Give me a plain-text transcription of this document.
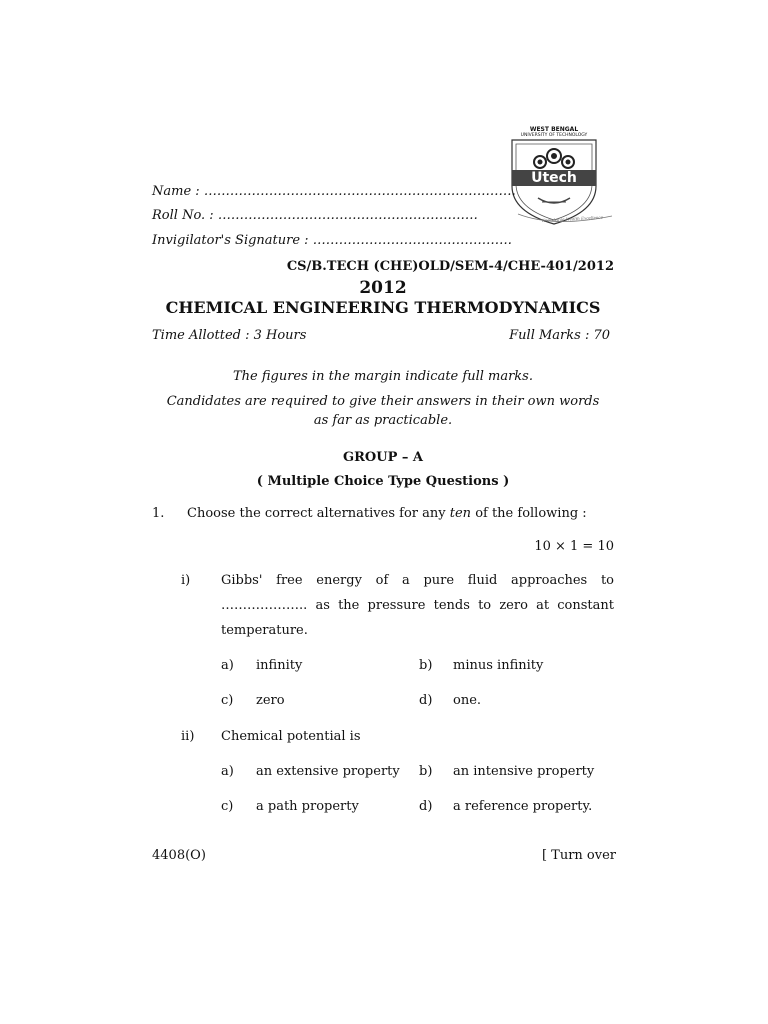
WEST BENGAL
UNIVERSITY OF TECHNOLOGY
Utech
Knowledge Wealth Excellence
Name : ………………………………………………………………
Roll No. : ……………………………………………………
Invigilator's Signature : ……………………………………….
CS/B.TECH (CHE)OLD/SEM-4/CHE-401/2012
2012
CHEMICAL ENGINEERING THERMODYNAMICS
Time Allotted : 3 Hours	Full Marks : 70
The figures in the margin indicate full marks.
Candidates are required to give their answers in their own words
as far as practicable.
GROUP – A
( Multiple Choice Type Questions )
1. Choose the correct alternatives for any ten of the following :
10 × 1 = 10
i) Gibbs' free energy of a pure fluid approaches to
……………….. as the pressure tends to zero at constant
temperature.
a) infinity	b) minus infinity
c) zero	d) one.
ii) Chemical potential is
a) an extensive property b) an intensive property
c) a path property	d) a reference property.
4408(O)	[ Turn over
